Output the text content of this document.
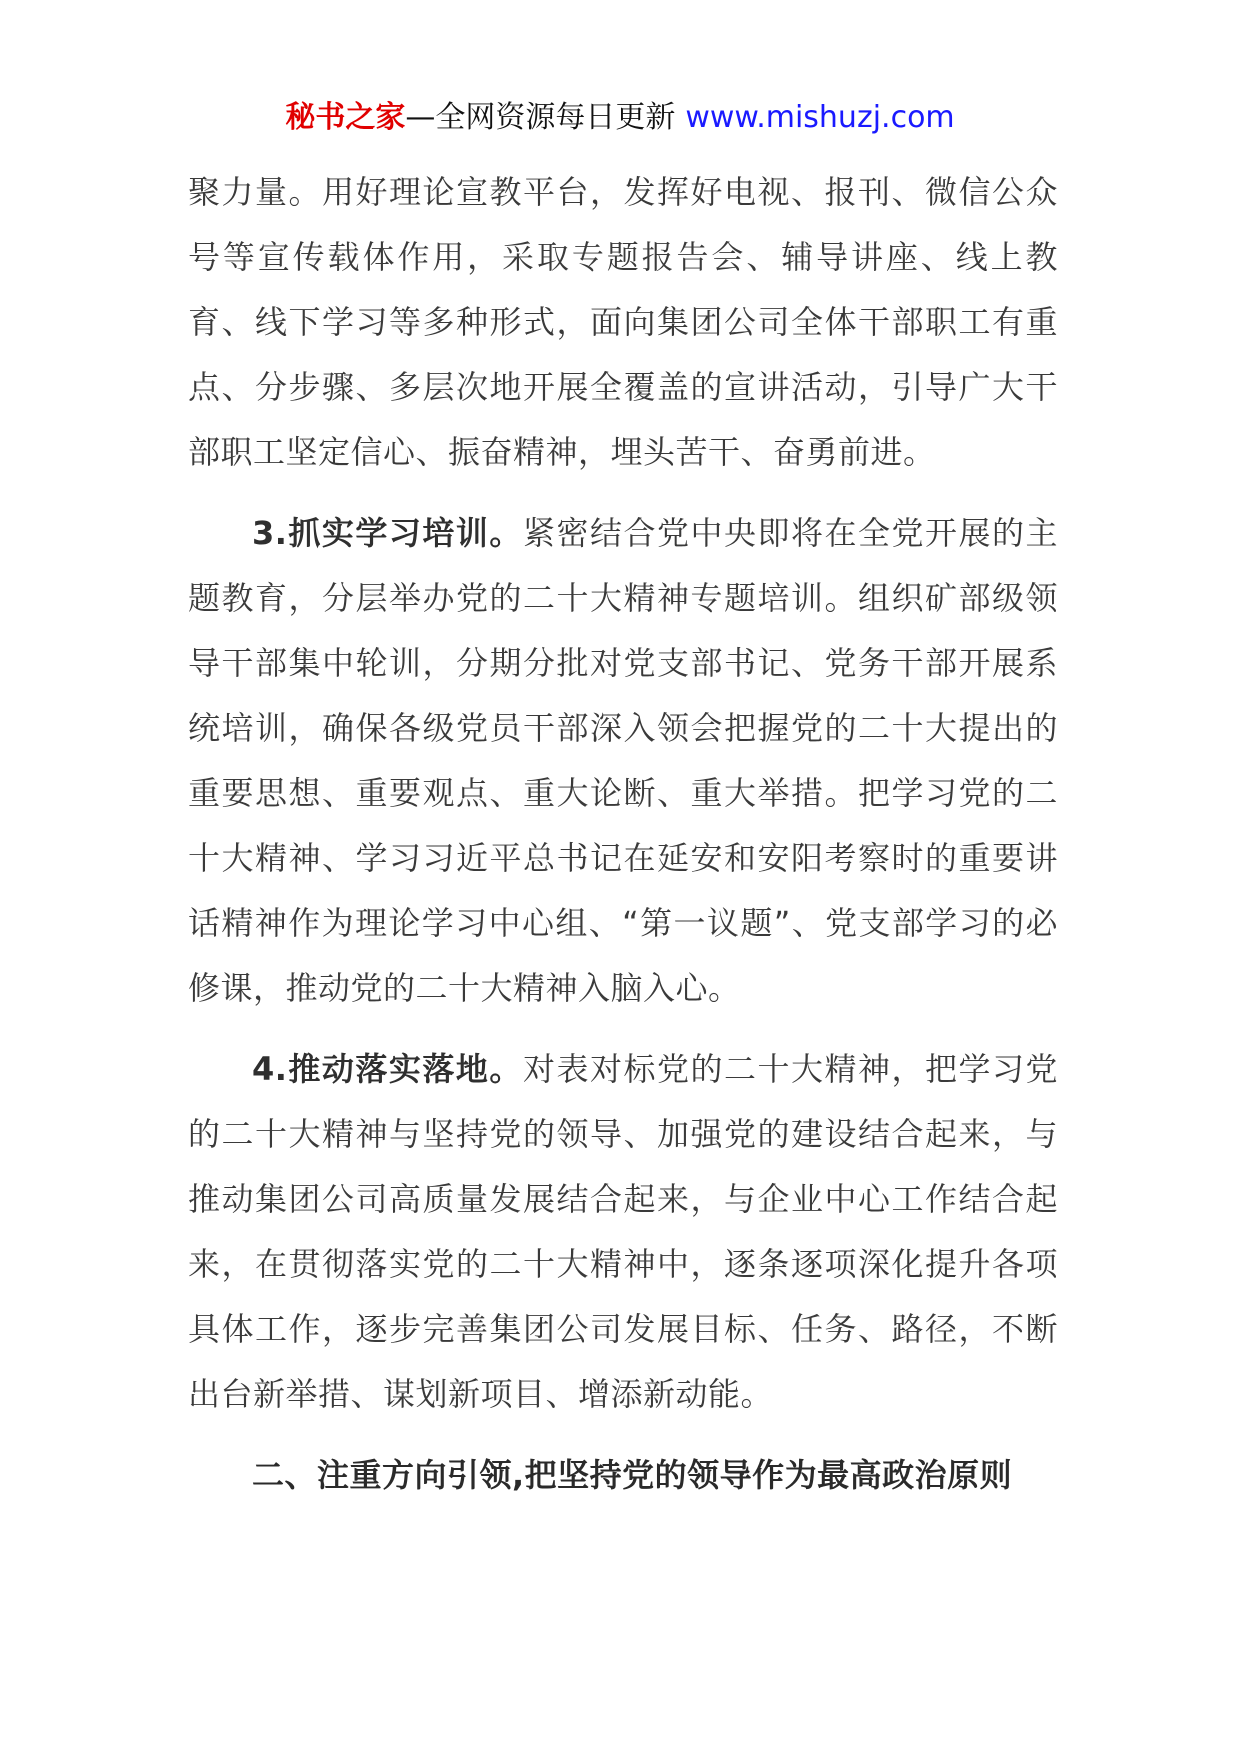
秘书之家—全网资源每日更新 www.mishuzj.com

聚力量。用好理论宣教平台，发挥好电视、报刊、微信公众号等宣传载体作用，采取专题报告会、辅导讲座、线上教育、线下学习等多种形式，面向集团公司全体干部职工有重点、分步骤、多层次地开展全覆盖的宣讲活动，引导广大干部职工坚定信心、振奋精神，埋头苦干、奋勇前进。

3.抓实学习培训。紧密结合党中央即将在全党开展的主题教育，分层举办党的二十大精神专题培训。组织矿部级领导干部集中轮训，分期分批对党支部书记、党务干部开展系统培训，确保各级党员干部深入领会把握党的二十大提出的重要思想、重要观点、重大论断、重大举措。把学习党的二十大精神、学习习近平总书记在延安和安阳考察时的重要讲话精神作为理论学习中心组、“第一议题”、党支部学习的必修课，推动党的二十大精神入脑入心。

4.推动落实落地。对表对标党的二十大精神，把学习党的二十大精神与坚持党的领导、加强党的建设结合起来，与推动集团公司高质量发展结合起来，与企业中心工作结合起来，在贯彻落实党的二十大精神中，逐条逐项深化提升各项具体工作，逐步完善集团公司发展目标、任务、路径，不断出台新举措、谋划新项目、增添新动能。

二、注重方向引领,把坚持党的领导作为最高政治原则
